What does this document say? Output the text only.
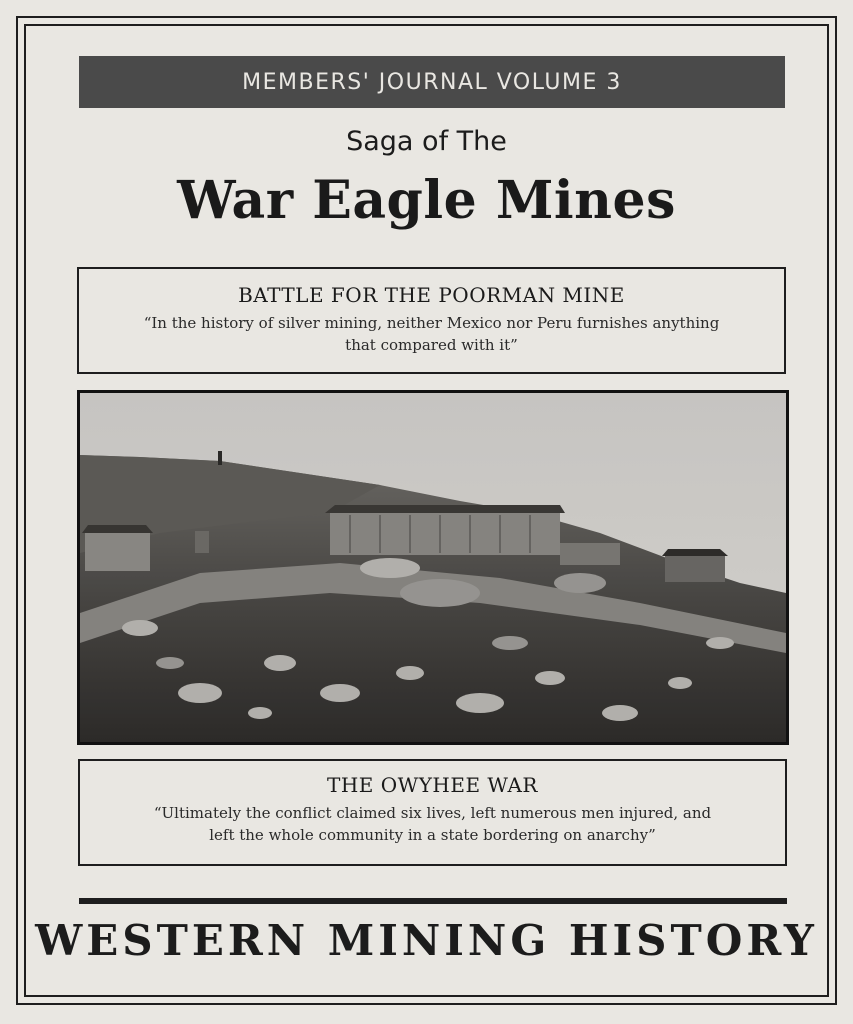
MEMBERS' JOURNAL VOLUME 3
Saga of The
War Eagle Mines
BATTLE FOR THE POORMAN MINE
“In the history of silver mining, neither Mexico nor Peru furnishes anything that compared with it”
THE OWYHEE WAR
“Ultimately the conflict claimed six lives, left numerous men injured, and left the whole community in a state bordering on anarchy”
WESTERN MINING HISTORY
